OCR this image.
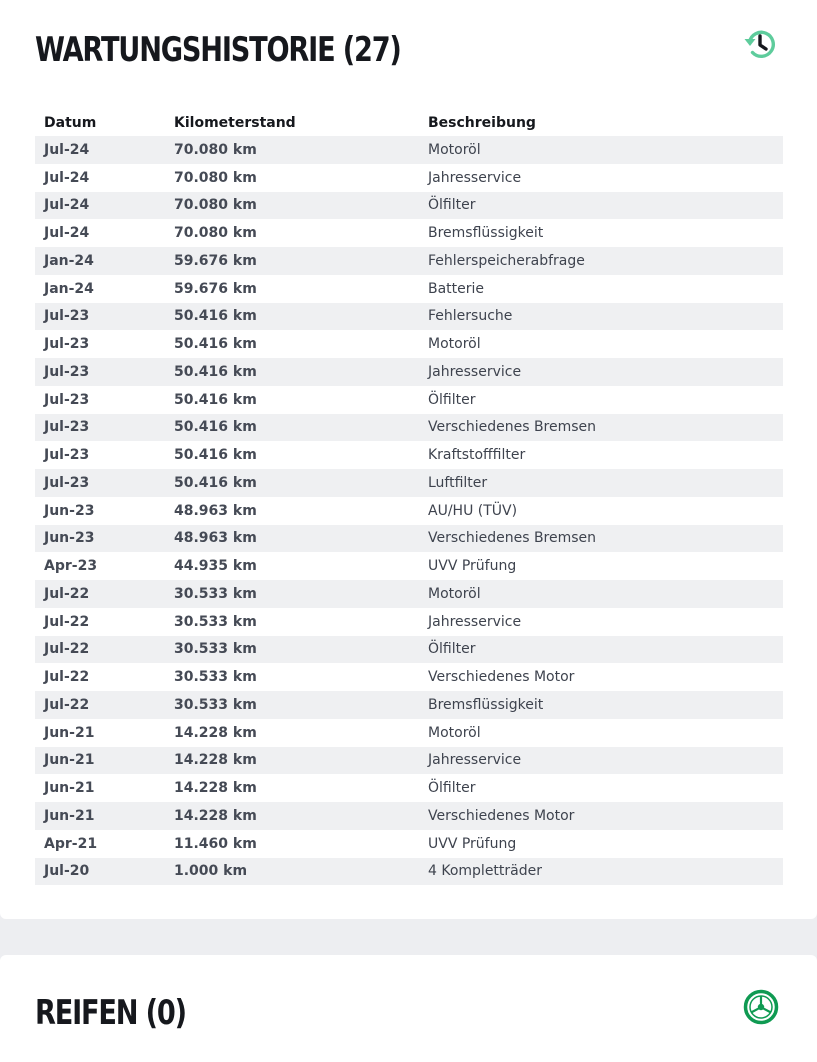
WARTUNGSHISTORIE (27)
Datum	Kilometerstand	Beschreibung
Jul-24	70.080 km	Motoröl
Jul-24	70.080 km	Jahresservice
Jul-24	70.080 km	Ölfilter
Jul-24	70.080 km	Bremsflüssigkeit
Jan-24	59.676 km	Fehlerspeicherabfrage
Jan-24	59.676 km	Batterie
Jul-23	50.416 km	Fehlersuche
Jul-23	50.416 km	Motoröl
Jul-23	50.416 km	Jahresservice
Jul-23	50.416 km	Ölfilter
Jul-23	50.416 km	Verschiedenes Bremsen
Jul-23	50.416 km	Kraftstofffilter
Jul-23	50.416 km	Luftfilter
Jun-23	48.963 km	AU/HU (TÜV)
Jun-23	48.963 km	Verschiedenes Bremsen
Apr-23	44.935 km	UVV Prüfung
Jul-22	30.533 km	Motoröl
Jul-22	30.533 km	Jahresservice
Jul-22	30.533 km	Ölfilter
Jul-22	30.533 km	Verschiedenes Motor
Jul-22	30.533 km	Bremsflüssigkeit
Jun-21	14.228 km	Motoröl
Jun-21	14.228 km	Jahresservice
Jun-21	14.228 km	Ölfilter
Jun-21	14.228 km	Verschiedenes Motor
Apr-21	11.460 km	UVV Prüfung
Jul-20	1.000 km	4 Kompletträder
REIFEN (0)
